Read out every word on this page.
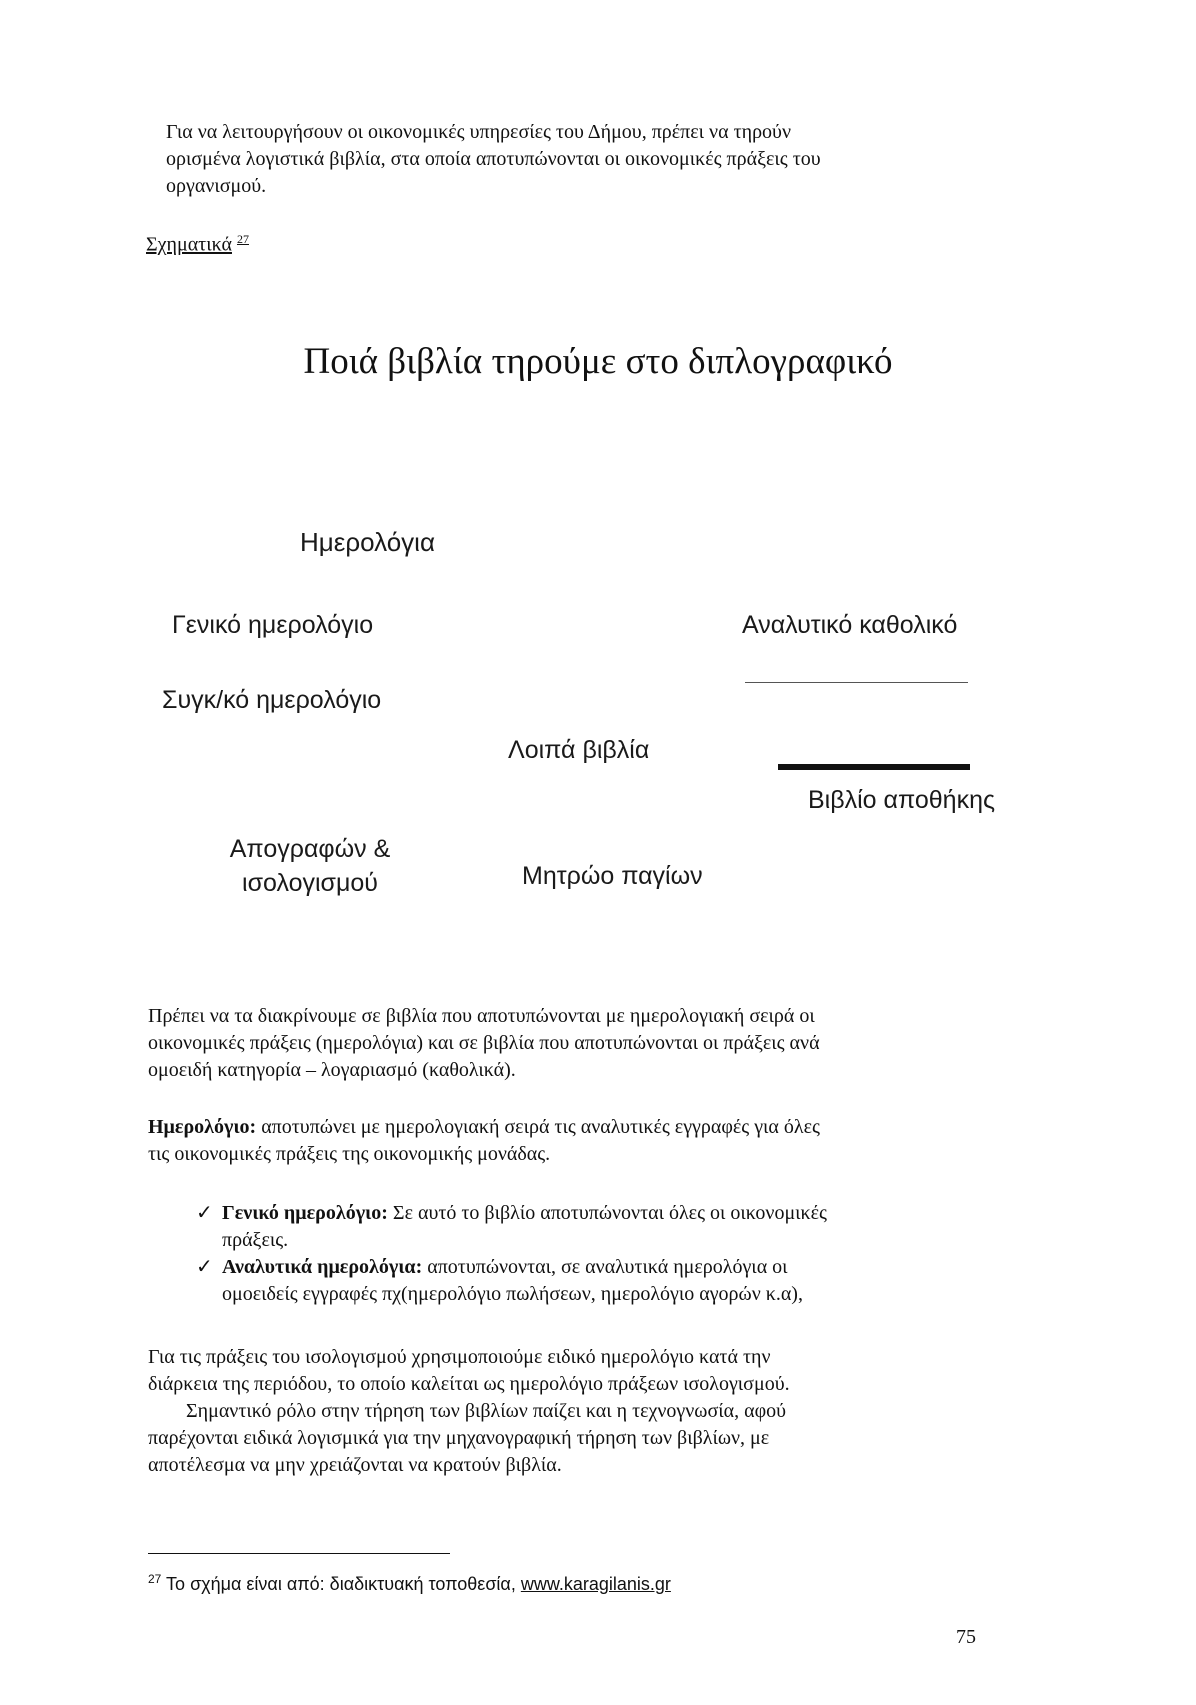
Για να λειτουργήσουν οι οικονομικές υπηρεσίες του Δήμου, πρέπει να τηρούν
ορισμένα λογιστικά βιβλία, στα οποία αποτυπώνονται οι οικονομικές πράξεις του
οργανισμού.
Σχηματικά $^{27}$
Ποιά βιβλία τηρούμε στο διπλογραφικό
Ημερολόγια
Γενικό ημερολόγιο	Αναλυτικό καθολικό
Συγκ/κό ημερολόγιο
Λοιπά βιβλία
Βιβλίο αποθήκης
Απογραφών &
ισολογισμού	Μητρώο παγίων
Πρέπει να τα διακρίνουμε σε βιβλία που αποτυπώνονται με ημερολογιακή σειρά οι
οικονομικές πράξεις (ημερολόγια) και σε βιβλία που αποτυπώνονται οι πράξεις ανά
ομοειδή κατηγορία – λογαριασμό (καθολικά).
Ημερολόγιο: αποτυπώνει με ημερολογιακή σειρά τις αναλυτικές εγγραφές για όλες
τις οικονομικές πράξεις της οικονομικής μονάδας.
✓ Γενικό ημερολόγιο: Σε αυτό το βιβλίο αποτυπώνονται όλες οι οικονομικές
πράξεις.
✓ Αναλυτικά ημερολόγια: αποτυπώνονται, σε αναλυτικά ημερολόγια οι
ομοειδείς εγγραφές πχ(ημερολόγιο πωλήσεων, ημερολόγιο αγορών κ.α),
Για τις πράξεις του ισολογισμού χρησιμοποιούμε ειδικό ημερολόγιο κατά την
διάρκεια της περιόδου, το οποίο καλείται ως ημερολόγιο πράξεων ισολογισμού.
Σημαντικό ρόλο στην τήρηση των βιβλίων παίζει και η τεχνογνωσία, αφού
παρέχονται ειδικά λογισμικά για την μηχανογραφική τήρηση των βιβλίων, με
αποτέλεσμα να μην χρειάζονται να κρατούν βιβλία.
$^{27}$ Το σχήμα είναι από: διαδικτυακή τοποθεσία, www.karagilanis.gr
75
